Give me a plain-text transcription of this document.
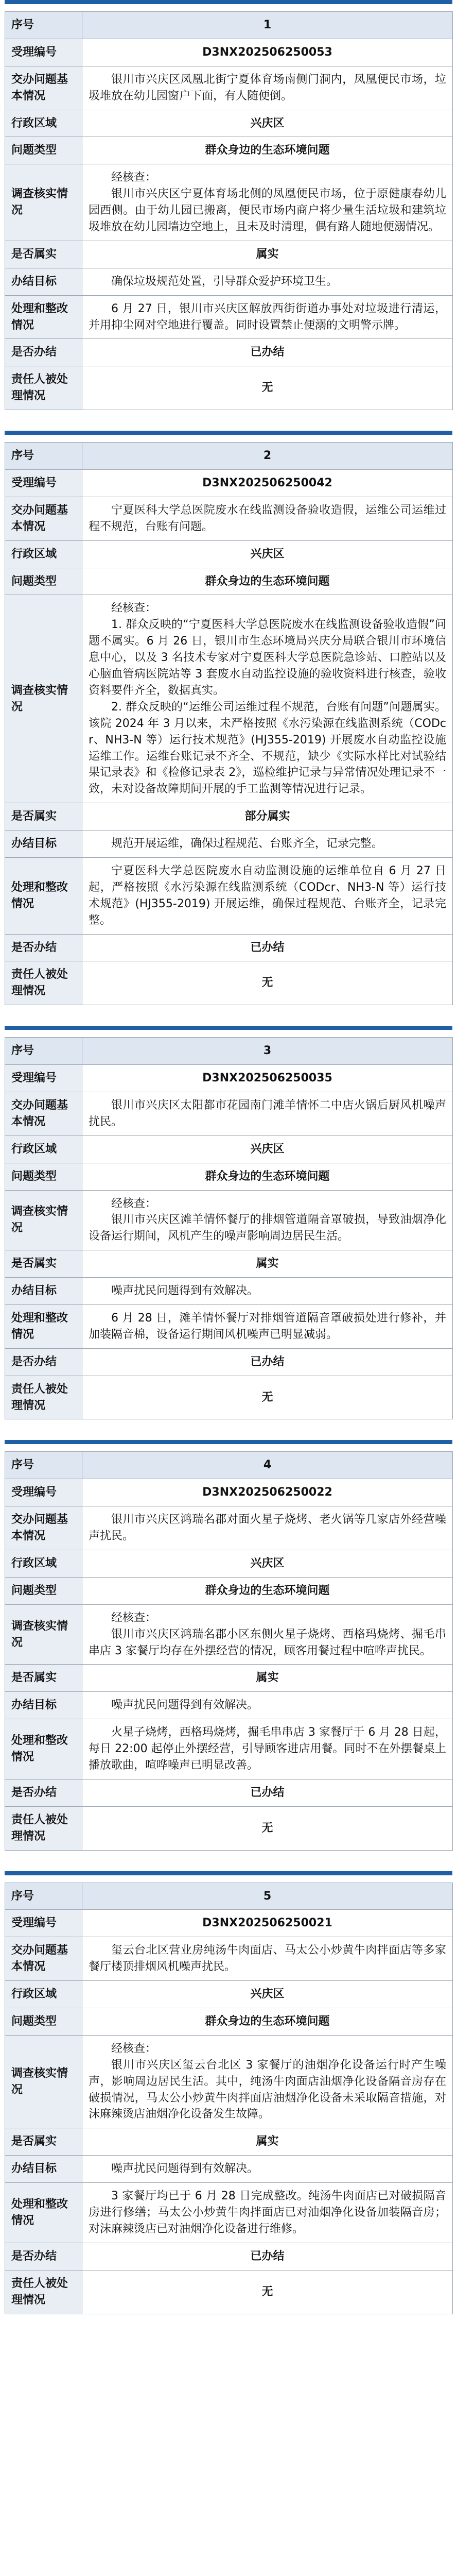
序号	1
受理编号	D3NX202506250053
交办问题基本情况	银川市兴庆区凤凰北街宁夏体育场南侧门洞内，凤凰便民市场，垃圾堆放在幼儿园窗户下面，有人随便倒。

行政区域	兴庆区
问题类型	群众身边的生态环境问题
调查核实情况	经核查：
银川市兴庆区宁夏体育场北侧的凤凰便民市场，位于原健康春幼儿园西侧。由于幼儿园已搬离，便民市场内商户将少量生活垃圾和建筑垃圾堆放在幼儿园墙边空地上，且未及时清理，偶有路人随地便溺情况。

是否属实	属实
办结目标	确保垃圾规范处置，引导群众爱护环境卫生。

处理和整改情况	6 月 27 日，银川市兴庆区解放西街街道办事处对垃圾进行清运，并用抑尘网对空地进行覆盖。同时设置禁止便溺的文明警示牌。

是否办结	已办结
责任人被处理情况	无
序号	2
受理编号	D3NX202506250042
交办问题基本情况	宁夏医科大学总医院废水在线监测设备验收造假，运维公司运维过程不规范，台账有问题。

行政区域	兴庆区
问题类型	群众身边的生态环境问题
调查核实情况	经核查：
1. 群众反映的“宁夏医科大学总医院废水在线监测设备验收造假”问题不属实。6 月 26 日，银川市生态环境局兴庆分局联合银川市环境信息中心，以及 3 名技术专家对宁夏医科大学总医院急诊站、口腔站以及心脑血管病医院站等 3 套废水自动监控设施的验收资料进行核查，验收资料要件齐全，数据真实。
2. 群众反映的“运维公司运维过程不规范，台账有问题”问题属实。该院 2024 年 3 月以来，未严格按照《水污染源在线监测系统（CODcr、NH3-N 等）运行技术规范》(HJ355-2019) 开展废水自动监控设施运维工作。运维台账记录不齐全、不规范，缺少《实际水样比对试验结果记录表》和《检修记录表 2》，巡检维护记录与异常情况处理记录不一致，未对设备故障期间开展的手工监测等情况进行记录。

是否属实	部分属实
办结目标	规范开展运维，确保过程规范、台账齐全，记录完整。

处理和整改情况	宁夏医科大学总医院废水自动监测设施的运维单位自 6 月 27 日起，严格按照《水污染源在线监测系统（CODcr、NH3-N 等）运行技术规范》(HJ355-2019) 开展运维，确保过程规范、台账齐全，记录完整。

是否办结	已办结
责任人被处理情况	无
序号	3
受理编号	D3NX202506250035
交办问题基本情况	银川市兴庆区太阳都市花园南门滩羊情怀二中店火锅后厨风机噪声扰民。

行政区域	兴庆区
问题类型	群众身边的生态环境问题
调查核实情况	经核查：
银川市兴庆区滩羊情怀餐厅的排烟管道隔音罩破损，导致油烟净化设备运行期间，风机产生的噪声影响周边居民生活。

是否属实	属实
办结目标	噪声扰民问题得到有效解决。

处理和整改情况	6 月 28 日，滩羊情怀餐厅对排烟管道隔音罩破损处进行修补，并加装隔音棉，设备运行期间风机噪声已明显减弱。

是否办结	已办结
责任人被处理情况	无
序号	4
受理编号	D3NX202506250022
交办问题基本情况	银川市兴庆区鸿瑞名郡对面火星子烧烤、老火锅等几家店外经营噪声扰民。

行政区域	兴庆区
问题类型	群众身边的生态环境问题
调查核实情况	经核查：
银川市兴庆区鸿瑞名郡小区东侧火星子烧烤、西格玛烧烤、掘毛串串店 3 家餐厅均存在外摆经营的情况，顾客用餐过程中喧哗声扰民。

是否属实	属实
办结目标	噪声扰民问题得到有效解决。

处理和整改情况	火星子烧烤，西格玛烧烤，掘毛串串店 3 家餐厅于 6 月 28 日起，每日 22:00 起停止外摆经营，引导顾客进店用餐。同时不在外摆餐桌上播放歌曲，喧哗噪声已明显改善。

是否办结	已办结
责任人被处理情况	无
序号	5
受理编号	D3NX202506250021
交办问题基本情况	玺云台北区营业房纯汤牛肉面店、马太公小炒黄牛肉拌面店等多家餐厅楼顶排烟风机噪声扰民。

行政区域	兴庆区
问题类型	群众身边的生态环境问题
调查核实情况	经核查：
银川市兴庆区玺云台北区 3 家餐厅的油烟净化设备运行时产生噪声，影响周边居民生活。其中，纯汤牛肉面店油烟净化设备隔音房存在破损情况，马太公小炒黄牛肉拌面店油烟净化设备未采取隔音措施，对沫麻辣烫店油烟净化设备发生故障。

是否属实	属实
办结目标	噪声扰民问题得到有效解决。

处理和整改情况	3 家餐厅均已于 6 月 28 日完成整改。纯汤牛肉面店已对破损隔音房进行修缮；马太公小炒黄牛肉拌面店已对油烟净化设备加装隔音房；对沫麻辣烫店已对油烟净化设备进行维修。

是否办结	已办结
责任人被处理情况	无
